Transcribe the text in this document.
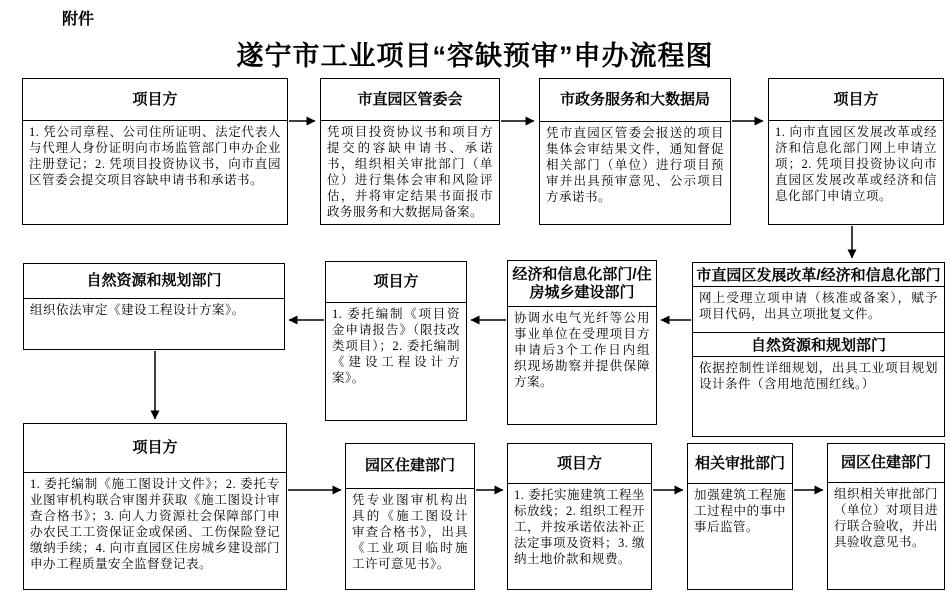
附件
遂宁市工业项目“容缺预审”申办流程图
项目方
1. 凭公司章程、公司住所证明、法定代表人与代理人身份证明向市场监管部门申办企业注册登记；2. 凭项目投资协议书，向市直园区管委会提交项目容缺申请书和承诺书。
市直园区管委会
凭项目投资协议书和项目方提交的容缺申请书、承诺书，组织相关审批部门（单位）进行集体会审和风险评估，并将审定结果书面报市政务服务和大数据局备案。
市政务服务和大数据局
凭市直园区管委会报送的项目集体会审结果文件，通知督促相关部门（单位）进行项目预审并出具预审意见、公示项目方承诺书。
项目方
1. 向市直园区发展改革或经济和信息化部门网上申请立项；2. 凭项目投资协议向市直园区发展改革或经济和信息化部门申请立项。
自然资源和规划部门
组织依法审定《建设工程设计方案》。
项目方
1. 委托编制《项目资金申请报告》（限技改类项目）；2. 委托编制《建设工程设计方案》。
经济和信息化部门/住房城乡建设部门
协调水电气光纤等公用事业单位在受理项目方申请后3个工作日内组织现场勘察并提供保障方案。
市直园区发展改革/经济和信息化部门
网上受理立项申请（核准或备案），赋予项目代码，出具立项批复文件。
自然资源和规划部门
依据控制性详细规划，出具工业项目规划设计条件（含用地范围红线。）
项目方
1. 委托编制《施工图设计文件》；2. 委托专业图审机构联合审图并获取《施工图设计审查合格书》；3. 向人力资源社会保障部门申办农民工工资保证金或保函、工伤保险登记缴纳手续；4. 向市直园区住房城乡建设部门申办工程质量安全监督登记表。
园区住建部门
凭专业图审机构出具的《施工图设计审查合格书》，出具《工业项目临时施工许可意见书》。
项目方
1. 委托实施建筑工程坐标放线；2. 组织工程开工，并按承诺依法补正法定事项及资料；3. 缴纳土地价款和规费。
相关审批部门
加强建筑工程施工过程中的事中事后监管。
园区住建部门
组织相关审批部门（单位）对项目进行联合验收，并出具验收意见书。
